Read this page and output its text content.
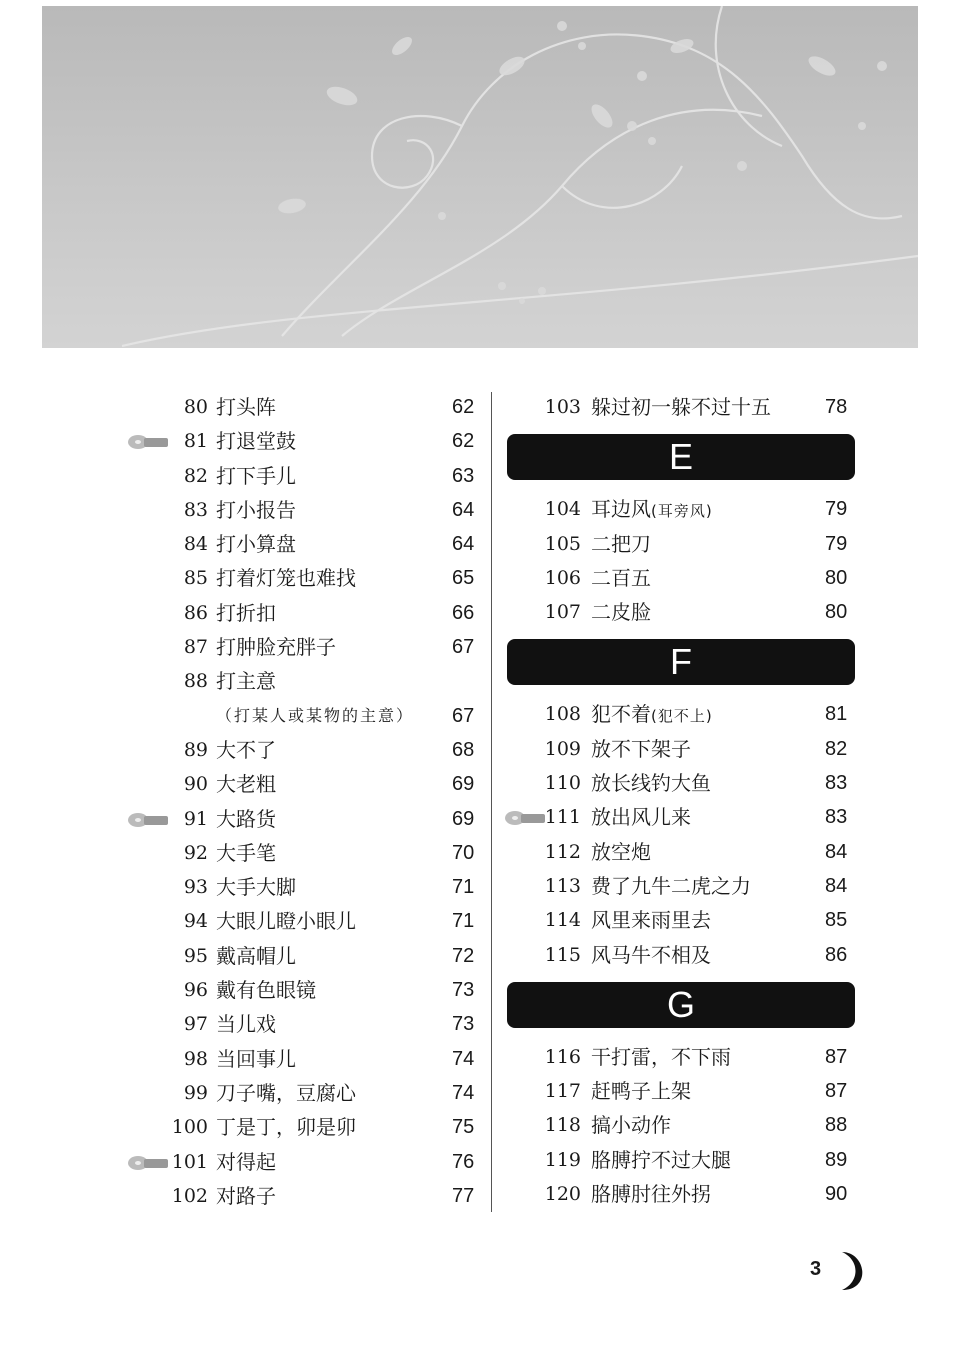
80 打头阵	62
81 打退堂鼓	62
82 打下手儿	63
83 打小报告	64
84 打小算盘	64
85 打着灯笼也难找	65
86 打折扣	66
87 打肿脸充胖子	67
88 打主意
（打某人或某物的主意） 67
89 大不了	68
90 大老粗	69
91 大路货	69
92 大手笔	70
93 大手大脚	71
94 大眼儿瞪小眼儿	71
95 戴高帽儿	72
96 戴有色眼镜	73
97 当儿戏	73
98 当回事儿	74
99 刀子嘴，豆腐心	74
100 丁是丁，卯是卯	75
101 对得起	76
102 对路子	77
103 躲过初一躲不过十五	78
E
104 耳边风(耳旁风)	79
105 二把刀	79
106 二百五	80
107 二皮脸	80
F
108 犯不着(犯不上)	81
109 放不下架子	82
110 放长线钓大鱼	83
111 放出风儿来	83
112 放空炮	84
113 费了九牛二虎之力	84
114 风里来雨里去	85
115 风马牛不相及	86
G
116 干打雷，不下雨	87
117 赶鸭子上架	87
118 搞小动作	88
119 胳膊拧不过大腿	89
120 胳膊肘往外拐	90
3
